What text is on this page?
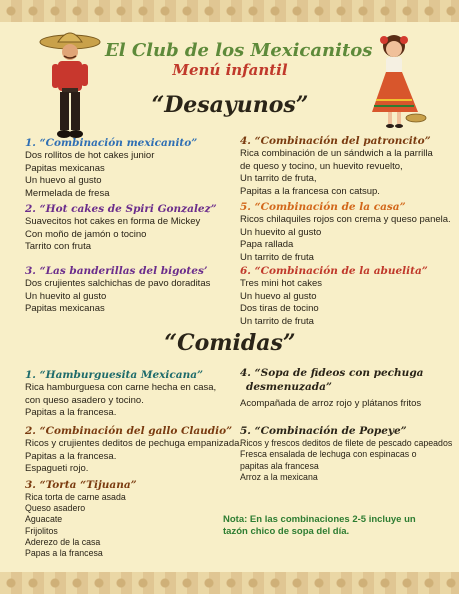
El Club de los Mexicanitos
Menú infantil
“Desayunos”
1. “Combinación mexicanito”
Dos rollitos de hot cakes junior
Papitas mexicanas
Un huevo al gusto
Mermelada de fresa
2. “Hot cakes de Spiri Gonzalez”
Suavecitos hot cakes en forma de Mickey
Con moño de jamón o tocino
Tarrito con fruta
3. “Las banderillas del bigotes’
Dos crujientes salchichas de pavo doraditas
Un huevito al gusto
Papitas mexicanas
4. “Combinación del patroncito”
Rica combinación de un sándwich a la parrilla
de queso y tocino, un huevito revuelto,
Un tarrito de fruta,
Papitas a la francesa con catsup.
5. “Combinación de la casa”
Ricos chilaquiles rojos con crema y queso panela.
Un huevito al gusto
Papa rallada
Un tarrito de fruta
6. “Combinación de la abuelita”
Tres mini hot cakes
Un huevo al gusto
Dos tiras de tocino
Un tarrito de fruta
“Comidas”
1. “Hamburguesita Mexicana”
Rica hamburguesa con carne hecha en casa,
con queso asadero y tocino.
Papitas a la francesa.
2. “Combinación del gallo Claudio”
Ricos y crujientes deditos de pechuga empanizada.
Papitas a la francesa.
Espagueti rojo.
3. “Torta “Tijuana”
Rica torta de carne asada
Queso asadero
Aguacate
Frijolitos
Aderezo de la casa
Papas a la francesa
4. “Sopa de fideos con pechuga
desmenuzada”
Acompañada de arroz rojo y plátanos fritos
5. “Combinación de Popeye”
Ricos y frescos deditos de filete de pescado capeados
Fresca ensalada de lechuga con espinacas o
papitas ala francesa
Arroz a la mexicana
Nota: En las combinaciones 2-5 incluye un tazón chico de sopa del día.
